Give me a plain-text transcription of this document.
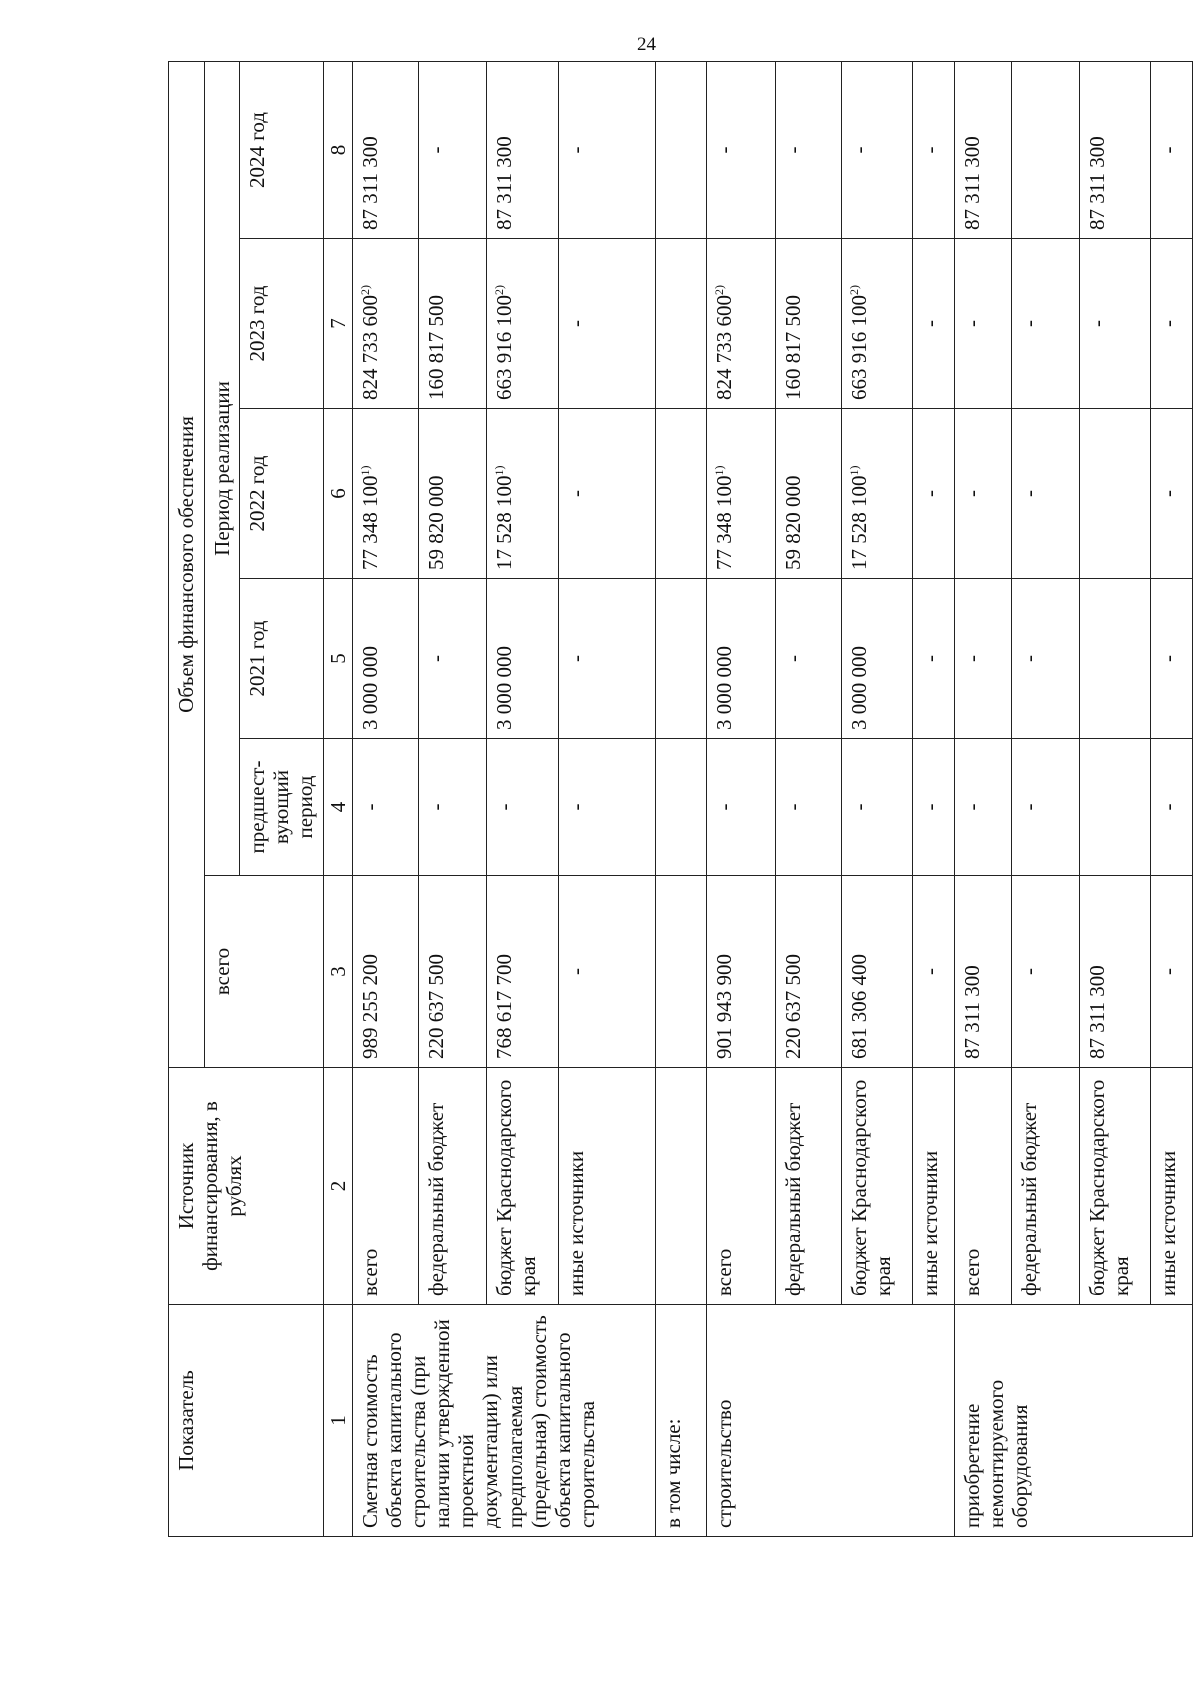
24
Показатель	Источник финансирования, в рублях	Объем финансового обеспечения					
		всего	Период реализации				
			предшест-вующий период	2021 год	2022 год	2023 год	2024 год
1	2	3	4	5	6	7	8
Сметная стоимость объекта капитального строительства (при наличии утвержденной проектной документации) или предполагаемая (предельная) стоимость объекта капитального строительства	всего	989 255 200	-	3 000 000	77 348 100$^{1)}$	824 733 600$^{2)}$	87 311 300
	федеральный бюджет	220 637 500	-	-	59 820 000	160 817 500	-
	бюджет Краснодарского края	768 617 700	-	3 000 000	17 528 100$^{1)}$	663 916 100$^{2)}$	87 311 300
	иные источники	-	-	-	-	-	-
в том числе:							
строительство	всего	901 943 900	-	3 000 000	77 348 100$^{1)}$	824 733 600$^{2)}$	-
	федеральный бюджет	220 637 500	-	-	59 820 000	160 817 500	-
	бюджет Краснодарского края	681 306 400	-	3 000 000	17 528 100$^{1)}$	663 916 100$^{2)}$	-
	иные источники	-	-	-	-	-	-
приобретение немонтируемого оборудования	всего	87 311 300	-	-	-	-	87 311 300
	федеральный бюджет	-	-	-	-	-	
	бюджет Краснодарского края	87 311 300				-	87 311 300
	иные источники	-	-	-	-	-	-
